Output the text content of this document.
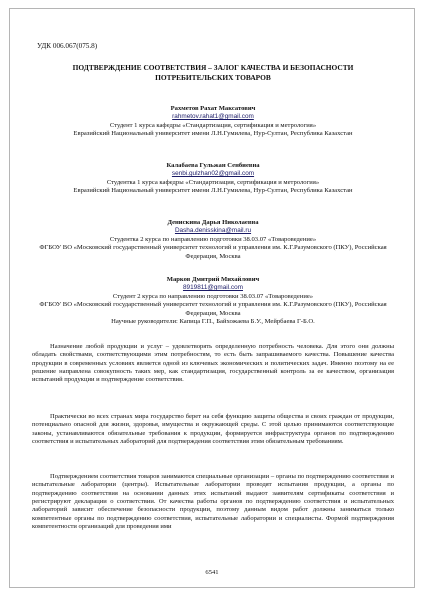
УДК 006.067(075.8)
ПОДТВЕРЖДЕНИЕ СООТВЕТСТВИЯ – ЗАЛОГ КАЧЕСТВА И БЕЗОПАСНОСТИ ПОТРЕБИТЕЛЬСКИХ ТОВАРОВ
Рахметов Рахат Максатович
rahmetov.rahat1@gmail.com
Студент 1 курса кафедры «Стандартизация, сертификация и метрология»
Евразийский Национальный университет имени Л.Н.Гумилева, Нур-Султан, Республика Казахстан
Калабаева Гульжан Сенбиевна
senbi.gulzhan02@gmail.com
Студентка 1 курса кафедры «Стандартизация, сертификация и метрология»
Евразийский Национальный университет имени Л.Н.Гумилева, Нур-Султан, Республика Казахстан
Денискина Дарья Николаевна
Dasha.denisskina@mail.ru
Студентка 2 курса по направлению подготовки 38.03.07 «Товароведение»
ФГБОУ ВО «Московский государственный университет технологий и управления им. К.Г.Разумовского (ПКУ), Российская Федерация, Москва
Марков Дмитрий Михайлович
8919811@gmail.com
Студент 2 курса по направлению подготовки 38.03.07 «Товароведение»
ФГБОУ ВО «Московский государственный университет технологий и управления им. К.Г.Разумовского (ПКУ), Российская Федерация, Москва
Научные руководители: Капица Г.П., Байхожаева Б.У., Мейрбаева Г-Б.О.
Назначение любой продукции и услуг – удовлетворять определенную потребность человека. Для этого они должны обладать свойствами, соответствующими этим потребностям, то есть быть запрашиваемого качества. Повышение качества продукции в современных условиях является одной из ключевых экономических и политических задач. Именно поэтому на ее решение направлена совокупность таких мер, как стандартизация, государственный контроль за ее качеством, организация испытаний продукции и подтверждение соответствия.
Практически во всех странах мира государство берет на себя функцию защиты общества и своих граждан от продукции, потенциально опасной для жизни, здоровья, имущества и окружающей среды. С этой целью принимаются соответствующие законы, устанавливаются обязательные требования к продукции, формируется инфраструктура органов по подтверждению соответствия и испытательных лабораторий для подтверждения соответствия этим обязательным требованиям.
Подтверждением соответствия товаров занимаются специальные организации – органы по подтверждению соответствия и испытательные лаборатории (центры). Испытательные лаборатории проводят испытания продукции, а органы по подтверждению соответствия на основании данных этих испытаний выдают заявителям сертификаты соответствия и регистрируют декларации о соответствии. От качества работы органов по подтверждению соответствия и испытательных лабораторий зависит обеспечение безопасности продукции, поэтому данным видом работ должны заниматься только компетентные органы по подтверждению соответствия, испытательные лаборатории и специалисты. Формой подтверждения компетентности организаций для проведения ими
6541
